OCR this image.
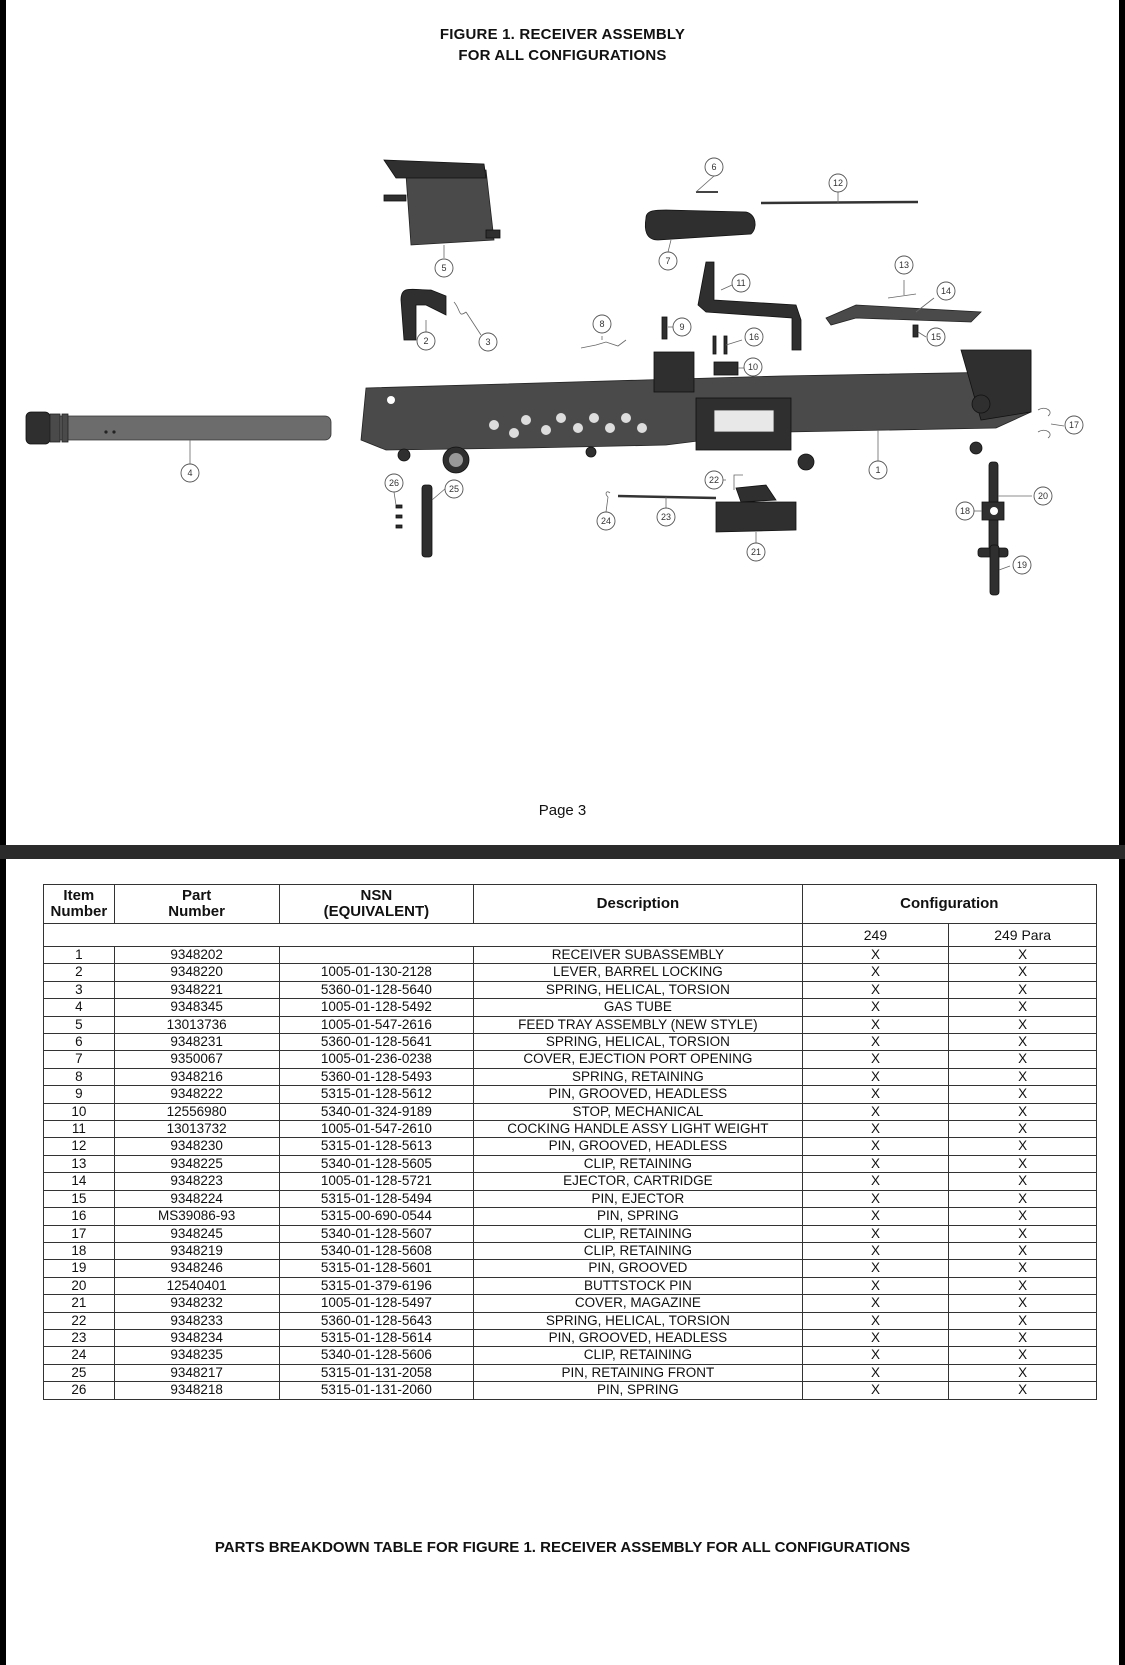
FIGURE 1. RECEIVER ASSEMBLY
FOR ALL CONFIGURATIONS
1
2	3
4
5
6
7
8	9
10
11
12
13
14
15
16
17
18
19
20
21
22
23
24
25
26
Page 3
Item Number	Part Number	NSN (EQUIVALENT)	Description	Configuration	
				249	249 Para
1	9348202		RECEIVER SUBASSEMBLY	X	X
2	9348220	1005-01-130-2128	LEVER, BARREL LOCKING	X	X
3	9348221	5360-01-128-5640	SPRING, HELICAL, TORSION	X	X
4	9348345	1005-01-128-5492	GAS TUBE	X	X
5	13013736	1005-01-547-2616	FEED TRAY ASSEMBLY (NEW STYLE)	X	X
6	9348231	5360-01-128-5641	SPRING, HELICAL, TORSION	X	X
7	9350067	1005-01-236-0238	COVER, EJECTION PORT OPENING	X	X
8	9348216	5360-01-128-5493	SPRING, RETAINING	X	X
9	9348222	5315-01-128-5612	PIN, GROOVED, HEADLESS	X	X
10	12556980	5340-01-324-9189	STOP, MECHANICAL	X	X
11	13013732	1005-01-547-2610	COCKING HANDLE ASSY LIGHT WEIGHT	X	X
12	9348230	5315-01-128-5613	PIN, GROOVED, HEADLESS	X	X
13	9348225	5340-01-128-5605	CLIP, RETAINING	X	X
14	9348223	1005-01-128-5721	EJECTOR, CARTRIDGE	X	X
15	9348224	5315-01-128-5494	PIN, EJECTOR	X	X
16	MS39086-93	5315-00-690-0544	PIN, SPRING	X	X
17	9348245	5340-01-128-5607	CLIP, RETAINING	X	X
18	9348219	5340-01-128-5608	CLIP, RETAINING	X	X
19	9348246	5315-01-128-5601	PIN, GROOVED	X	X
20	12540401	5315-01-379-6196	BUTTSTOCK PIN	X	X
21	9348232	1005-01-128-5497	COVER, MAGAZINE	X	X
22	9348233	5360-01-128-5643	SPRING, HELICAL, TORSION	X	X
23	9348234	5315-01-128-5614	PIN, GROOVED, HEADLESS	X	X
24	9348235	5340-01-128-5606	CLIP, RETAINING	X	X
25	9348217	5315-01-131-2058	PIN, RETAINING FRONT	X	X
26	9348218	5315-01-131-2060	PIN, SPRING	X	X
PARTS BREAKDOWN TABLE FOR FIGURE 1. RECEIVER ASSEMBLY FOR ALL CONFIGURATIONS
